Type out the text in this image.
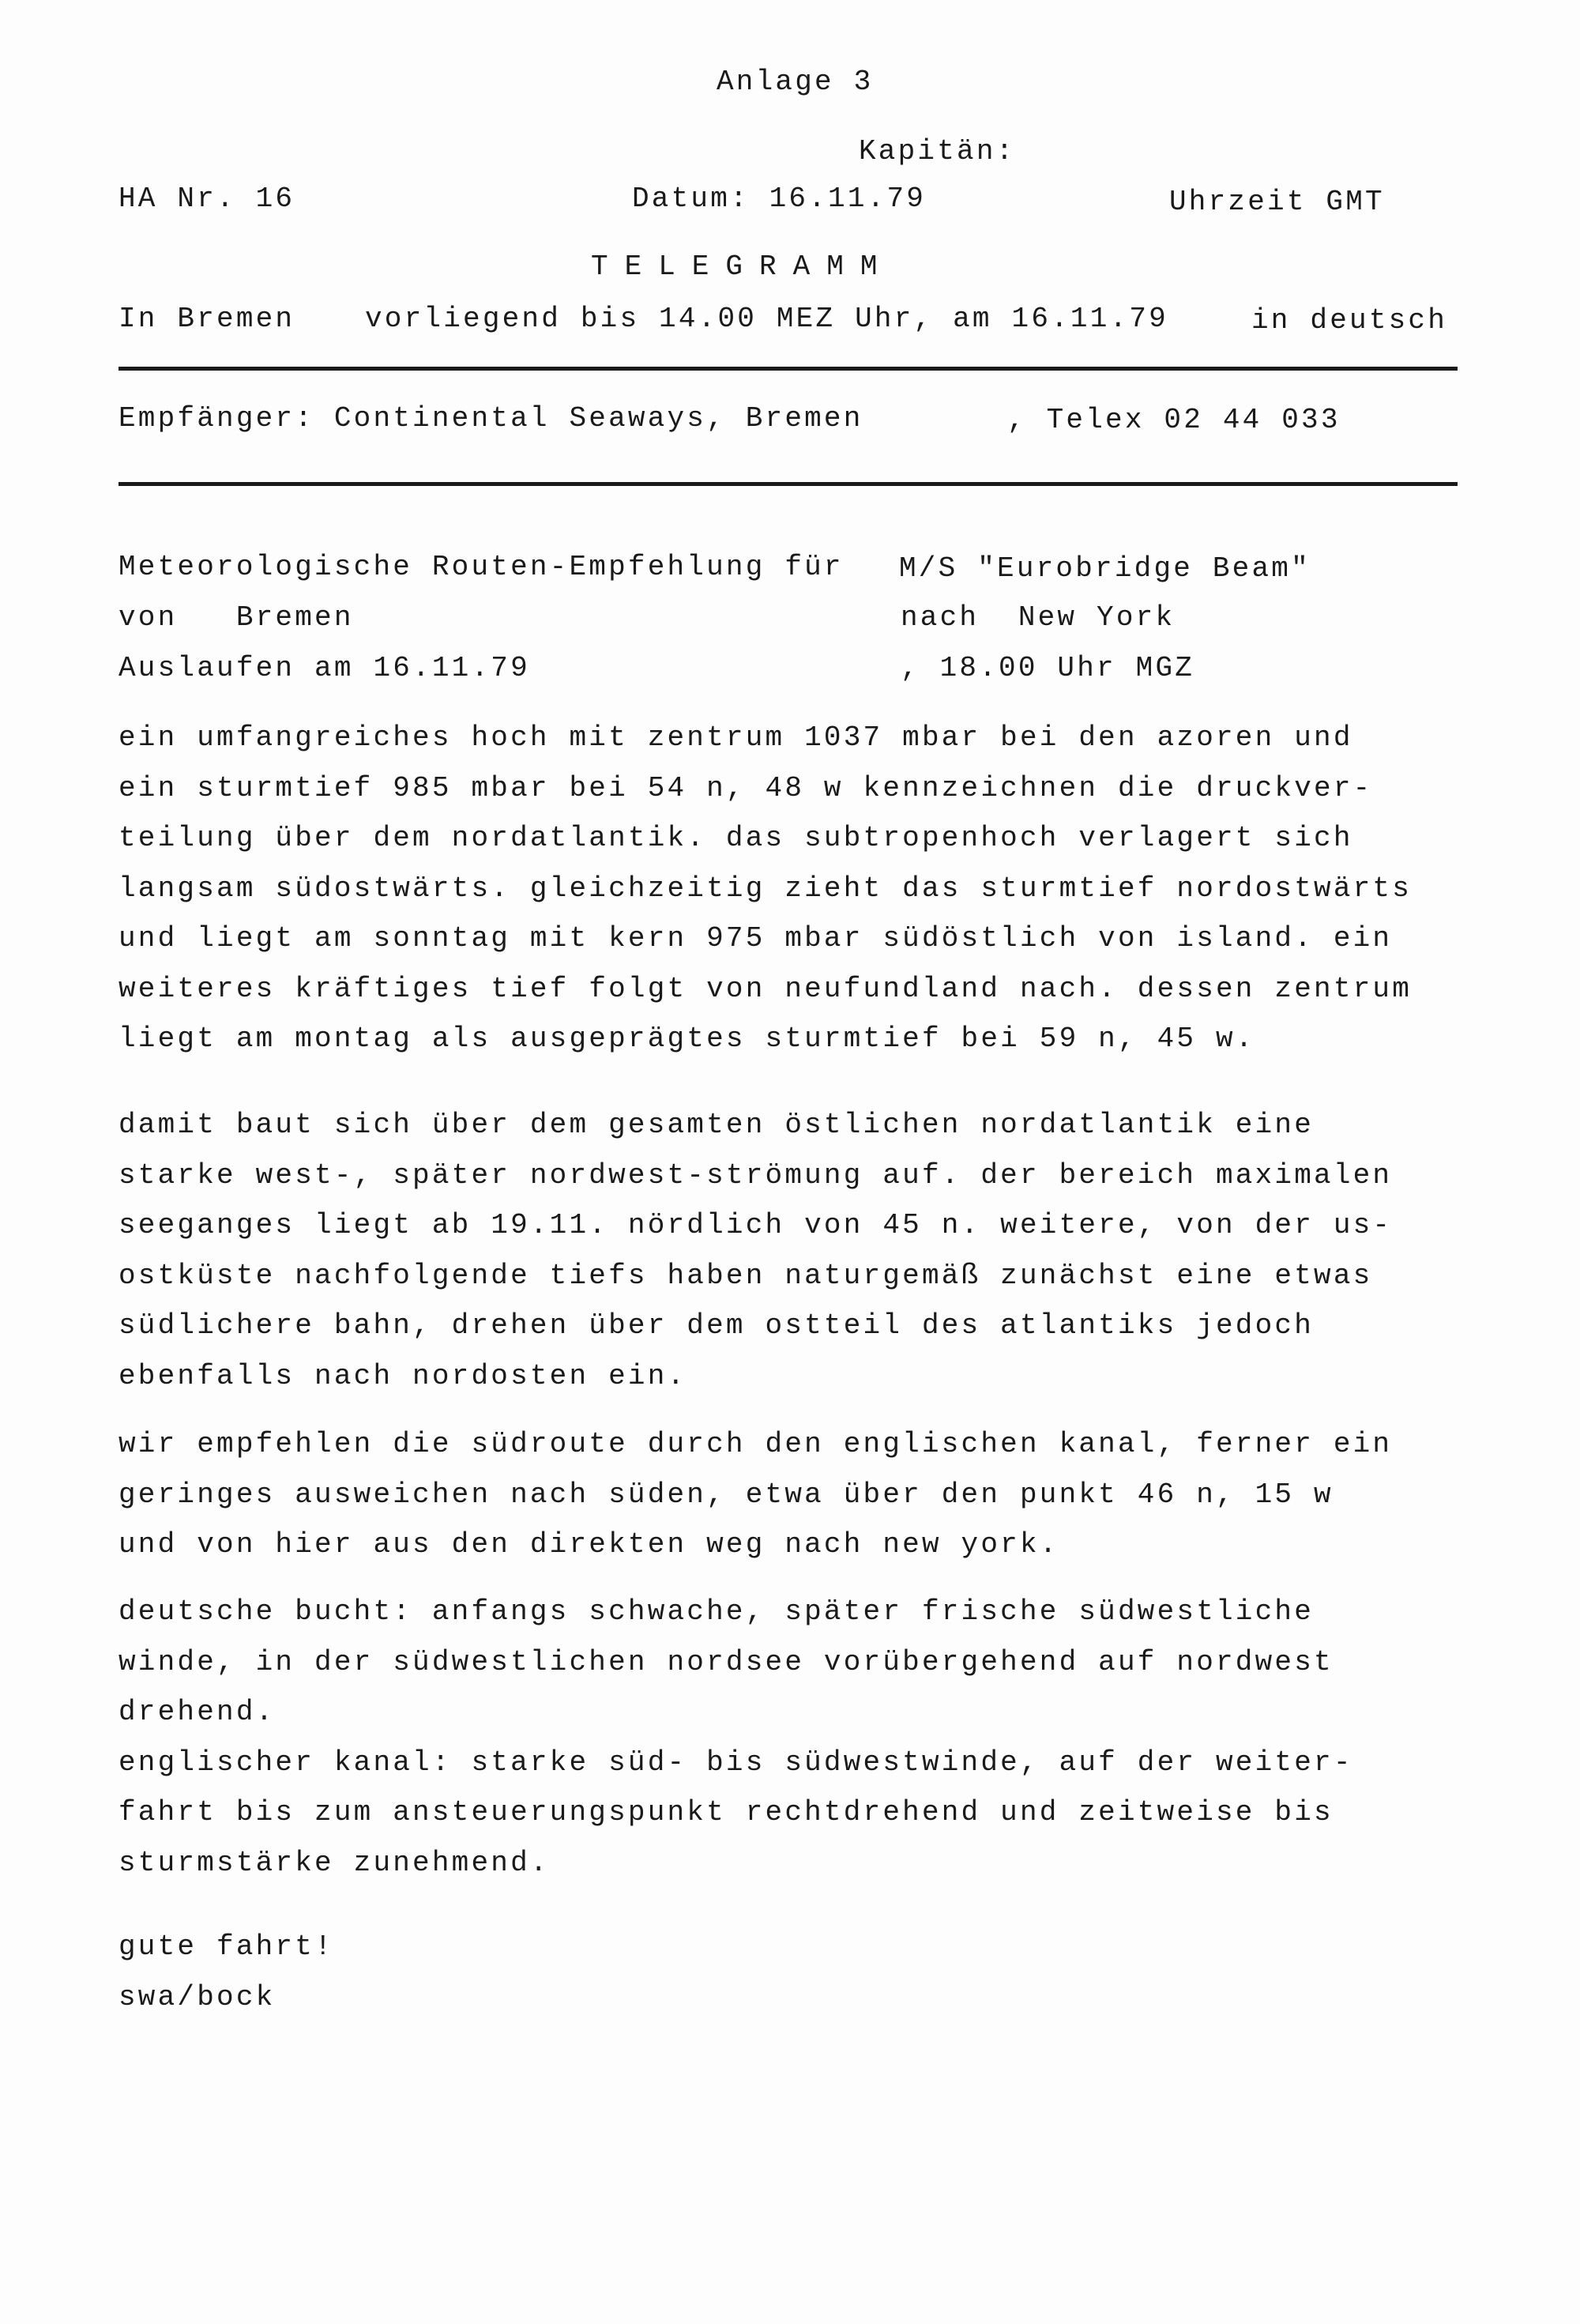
Anlage 3
Kapitän:
HA Nr. 16	Datum: 16.11.79	Uhrzeit GMT
TELEGRAMM
In Bremen vorliegend bis 14.00 MEZ Uhr, am 16.11.79	in deutsch
Empfänger: Continental Seaways, Bremen	, Telex 02 44 033
Meteorologische Routen-Empfehlung für M/S "Eurobridge Beam"
von   Bremen	nach  New York
Auslaufen am 16.11.79	, 18.00 Uhr MGZ
ein umfangreiches hoch mit zentrum 1037 mbar bei den azoren und
ein sturmtief 985 mbar bei 54 n, 48 w kennzeichnen die druckver-
teilung über dem nordatlantik. das subtropenhoch verlagert sich
langsam südostwärts. gleichzeitig zieht das sturmtief nordostwärts
und liegt am sonntag mit kern 975 mbar südöstlich von island. ein
weiteres kräftiges tief folgt von neufundland nach. dessen zentrum
liegt am montag als ausgeprägtes sturmtief bei 59 n, 45 w.
damit baut sich über dem gesamten östlichen nordatlantik eine
starke west-, später nordwest-strömung auf. der bereich maximalen
seeganges liegt ab 19.11. nördlich von 45 n. weitere, von der us-
ostküste nachfolgende tiefs haben naturgemäß zunächst eine etwas
südlichere bahn, drehen über dem ostteil des atlantiks jedoch
ebenfalls nach nordosten ein.
wir empfehlen die südroute durch den englischen kanal, ferner ein
geringes ausweichen nach süden, etwa über den punkt 46 n, 15 w
und von hier aus den direkten weg nach new york.
deutsche bucht: anfangs schwache, später frische südwestliche
winde, in der südwestlichen nordsee vorübergehend auf nordwest
drehend.
englischer kanal: starke süd- bis südwestwinde, auf der weiter-
fahrt bis zum ansteuerungspunkt rechtdrehend und zeitweise bis
sturmstärke zunehmend.
gute fahrt!
swa/bock
